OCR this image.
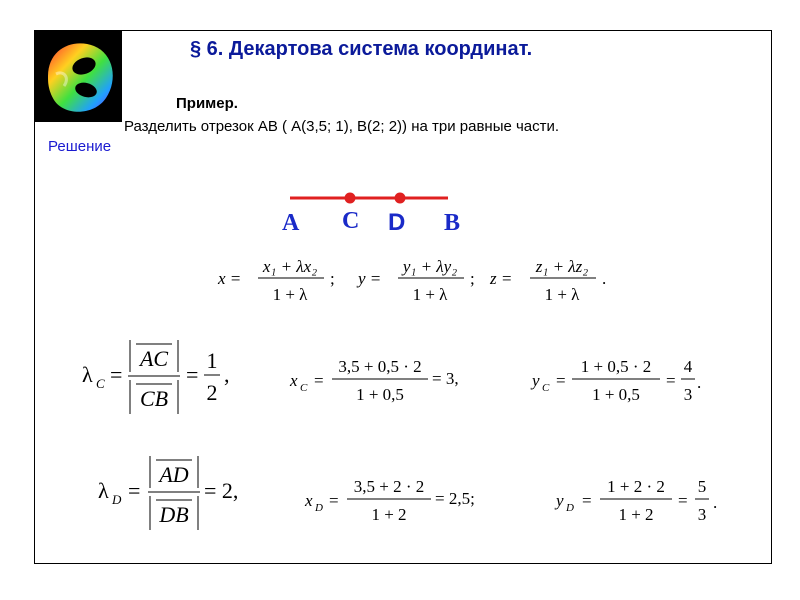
§ 6. Декартова система координат.
Пример.
Разделить отрезок АВ ( А(3,5; 1), В(2; 2)) на три равные части.
Решение
A C D B
x =
x₁ + λx₂
1 + λ
; y =
y₁ + λy₂
1 + λ
; z =
z₁ + λz₂
1 + λ
.
λ C =
AC
CB
=
1
2
,	x C =
3,5 + 0,5 · 2
1 + 0,5
= 3,	y C =
1 + 0,5 · 2
1 + 0,5
=
4
3
.
λ D =
AD
DB
= 2,	x D =
3,5 + 2 · 2
1 + 2
= 2,5;	y D =
1 + 2 · 2
1 + 2
=
5
3
.
